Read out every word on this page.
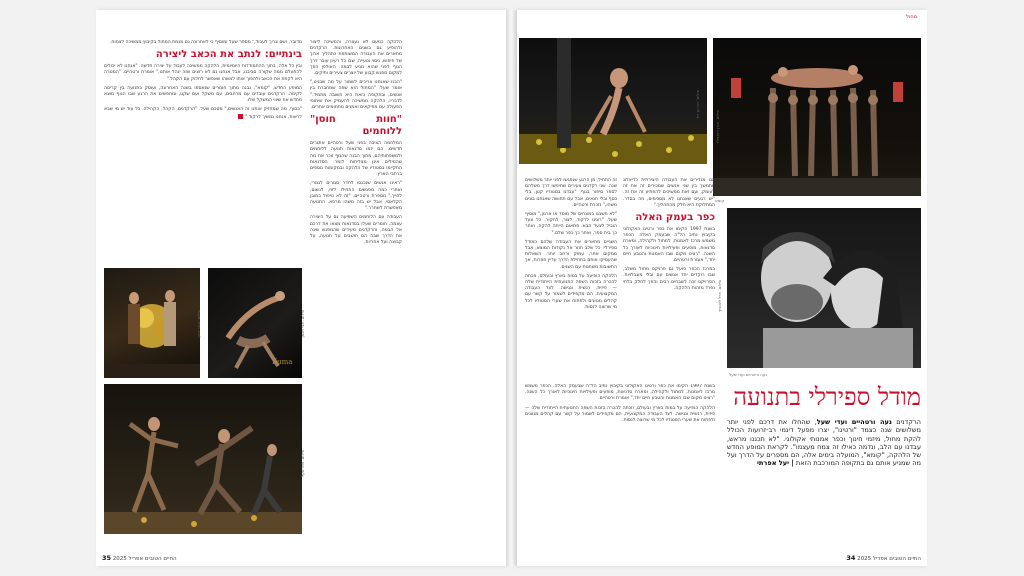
הלהקה כמעט לא נעצרה, והמשיכה ליצור ולהופיע גם בשנים האחרונות. הרקדנים מתארים את העבודה המשותפת כתהליך ארוך של חיפוש, ניסוי וטעייה, שבו כל רעיון עובר דרך הגוף לפני שהוא מגיע לבמה. האולפן הפך למקום מפגש קבוע של יוצרים צעירים ותיקים.

"הבנו שאנחנו צריכים לשמור על מה שבנינו," אומר שעל. "המחול הוא שפה שמחברת בין אנשים, ובתקופה כזאת היא חשובה מתמיד." לדבריו, הלהקה ממשיכה להעמיק את שיתופי הפעולה עם מוזיקאים ואמנים מתחומים אחרים.

"חוות חוסן" ללוחמים

המלחמה הציבה בפני שעל ורטהיים אתגרים חדשים. הם יזמו סדנאות תנועה ללוחמים ולמשפחותיהם, מתוך הבנה שהגוף זוכר את מה שהמילים אינן מצליחות לומר. הסדנאות התקיימו בסטודיו של הלהקה ובמקומות נוספים ברחבי הארץ.

"ראינו אנשים שנכנסו לחדר סגורים לגמרי, ואחרי כמה מפגשים התחילו לזוז, לנשום, לחייך," מספרת ורטהיים. "זה לא טיפול במובן הקלאסי, אבל יש בזה משהו מרפא. התנועה מאפשרת לשחרר."

העבודה עם הלוחמים השפיעה גם על היצירה עצמה. חומרים שעלו בסדנאות מצאו את דרכם אל הבמה, והרקדנים מעידים שהמפגש שינה את הדרך שבה הם חושבים על תנועה, על קבוצה ועל אחריות.

מדובר, ושם צריך לעבוד," מספר שעל ומוסיף כי לאחרונה גם מגמת המחול בקיבוץ ממשיכה לצמוח.

בינתיים: לנתב את הכאב ליצירה

ובין כל אלה, בתוך ההתמודדות היומיומית, הלהקה ממשיכה לעבוד על יצירה חדשה. "אנחנו לא יכולים להתעלם ממה שקורה סביבנו, אבל אנחנו גם לא רוצים שזה ינהל אותנו," אומרת ורטהיים. "המטרה היא לקחת את הכאב ולהפוך אותו למשהו שאפשר לחלוק עם הקהל."

המופע החדש, "קומא", נבנה מתוך חומרים שנאספו בשנה האחרונה, ועוסק בתנועה בין קריסה לקימה. הרקדנים עובדים עם מרחבים, עם משקל ועם שקט, ומחפשים את הרגע שבו הגוף מוצא מחדש את שיווי המשקל שלו.

"בסוף, מה שמחזיק אותנו זה האנשים," מסכם שעל. "הרקדנים, הקהל, הקהילה. כל עוד יש מי שבא לראות, אנחנו נמשיך לרקוד."

צילום: בכור דדון
Kuma
צילום: אבי ויסמן
צילום: מיה שעל
35 החיים הטובים אפריל 2025
מחול
צילום: רוני בן דוד
קומא
צילום: אורן רוזנפלד
נעה ורטהיים ועדי שעל
צילום: אייל ליבוביץ

זה התחיל, מן הרגע שנפגשו לפני יותר משלושים שנה. שני רקדנים צעירים שחיפשו דרך משלהם לספר סיפור בגוף. "עבדנו בסטודיו קטן, בלי כסף ובלי תנאים, אבל עם תחושה שאנחנו בונים משהו," נזכרת ורטהיים.

"לא חשבנו במונחים של מוסד או ארגון," מוסיף שעל. "רצינו לרקוד, לצור, לחקור. כל צעד הוביל לצעד הבא. פתאום הייתה להקה, ואחר כך בית ספר, ואחר כך כפר שלם."

השניים מתארים את העבודה שלהם כמודל ספירלי: כל שלב חוזר אל נקודות המוצא, אבל ממקום אחר, עמוק ורחב יותר. השאלות שהעסיקו אותם בתחילת הדרך עדיין חוזרות, אך התשובות משתנות עם השנים.

הלהקה הופיעה על במות בארץ ובעולם, וזכתה להכרה בזכות השפה התנועתית הייחודית שלה — פיזית, רגשית ונגישה. לצד העבודה המקצועית, הם מקפידים לשמור על קשר עם קהלים מגוונים ולפתוח את שערי הסטודיו לכל מי שרוצה לנסות.

הם מגדירים את העבודה היצירתית כדיאלוג מתמשך בין שני אנשים שמכירים זה את זה לעומק, ועם זאת ממשיכים להפתיע זה את זה. "יש רגעים שאנחנו לא מסכימים, וזה בסדר. המחלוקת היא חלק מהתהליך."

כפר בעמק האלה

בשנת 1997 הקימו את כפר ורטיגו האקולוגי בקיבוץ נתיב הל"ה שבעמק האלה. הכפר משמש מרכז לאמנות, למחול ולקהילה, ומארח סדנאות, מופעים ופעילויות חינוכיות לאורך כל השנה. "רצינו מקום שבו האמנות והטבע חיים יחד," אומרת ורטהיים.

במרכז הכפר פועל גם פרויקט מחול משלב, שבו רוקדים יחד אנשים עם ובלי מוגבלויות. הפרויקט זכה לשבחים רבים והפך לחלק בלתי נפרד מזהות הלהקה.

מודל ספירלי בתנועה
הרקדנים נעה ורטהיים ועדי שעל, שהחלו את דרכם לפני יותר משלושים שנה כצמד "ורטיגו", יצרו מפעל דינמי רב-זרועות הכולל להקת מחול, מיזמי חינוך וכפר אמנותי אקולוגי. "לא תכננו מראש, עבדנו עם הלב, ונדמה כאילו זה צמח מעצמו". לקראת המופע החדש של הלהקה, "קומא", המועלה בימים אלה, הם מספרים על הדרך ועל מה שמניע אותם גם בתקופה המורכבת הזאת | יעל אפרתי

בשנת 1997 הקימו את כפר ורטיגו האקולוגי בקיבוץ נתיב הל"ה שבעמק האלה. הכפר משמש מרכז לאמנות, למחול ולקהילה, ומארח סדנאות, מופעים ופעילויות חינוכיות לאורך כל השנה. "רצינו מקום שבו האמנות והטבע חיים יחד," אומרת ורטהיים.

הלהקה הופיעה על במות בארץ ובעולם, וזכתה להכרה בזכות השפה התנועתית הייחודית שלה — פיזית, רגשית ונגישה. לצד העבודה המקצועית, הם מקפידים לשמור על קשר עם קהלים מגוונים ולפתוח את שערי הסטודיו לכל מי שרוצה לנסות.

החיים הטובים אפריל 2025 34
